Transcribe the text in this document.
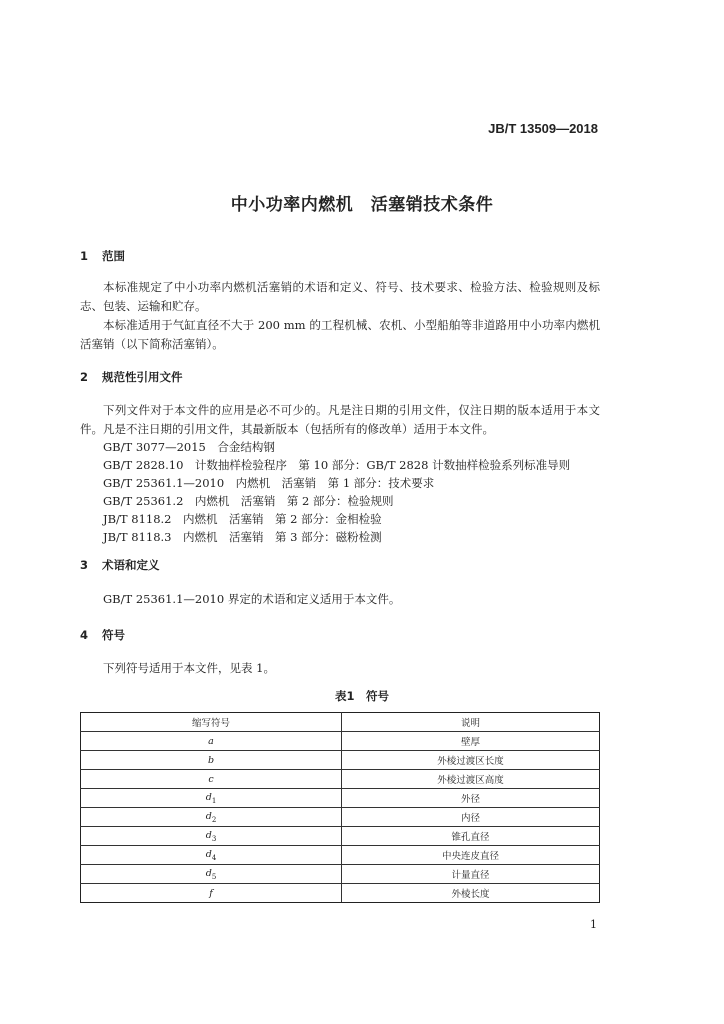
JB/T 13509—2018
中小功率内燃机　活塞销技术条件
1 范围
本标准规定了中小功率内燃机活塞销的术语和定义、符号、技术要求、检验方法、检验规则及标志、包装、运输和贮存。
本标准适用于气缸直径不大于 200 mm 的工程机械、农机、小型船舶等非道路用中小功率内燃机活塞销（以下简称活塞销）。
2 规范性引用文件
下列文件对于本文件的应用是必不可少的。凡是注日期的引用文件，仅注日期的版本适用于本文件。凡是不注日期的引用文件，其最新版本（包括所有的修改单）适用于本文件。
GB/T 3077—2015　合金结构钢
GB/T 2828.10　计数抽样检验程序　第 10 部分：GB/T 2828 计数抽样检验系列标准导则
GB/T 25361.1—2010　内燃机　活塞销　第 1 部分：技术要求
GB/T 25361.2　内燃机　活塞销　第 2 部分：检验规则
JB/T 8118.2　内燃机　活塞销　第 2 部分：金相检验
JB/T 8118.3　内燃机　活塞销　第 3 部分：磁粉检测
3 术语和定义
GB/T 25361.1—2010 界定的术语和定义适用于本文件。
4 符号
下列符号适用于本文件，见表 1。
表1　符号
缩写符号	说明
a	壁厚
b	外棱过渡区长度
c	外棱过渡区高度
$d_1$	外径
$d_2$	内径
$d_3$	锥孔直径
$d_4$	中央连皮直径
$d_5$	计量直径
f	外棱长度
1
